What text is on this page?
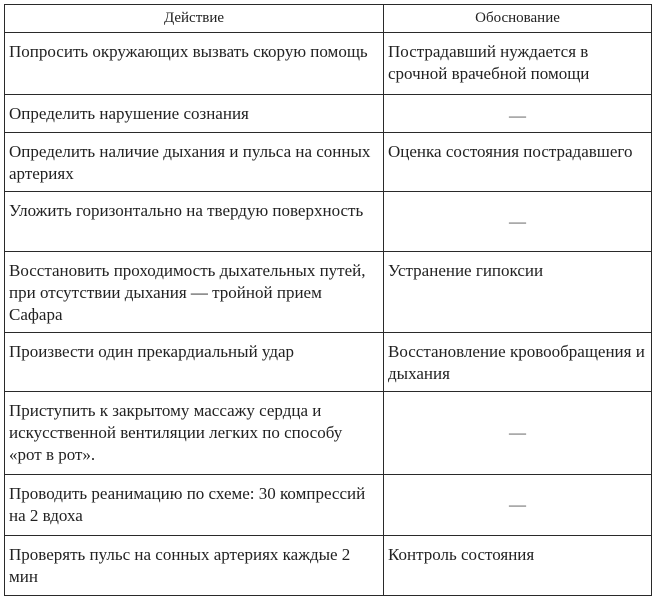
Действие	Обоснование

Попросить окружающих вызвать скорую помощь	Пострадавший нуждается в срочной врачебной помощи

Определить нарушение сознания	—

Определить наличие дыхания и пульса на сонных артериях	Оценка состояния пострадавшего

Уложить горизонтально на твердую поверхность	—

Восстановить проходимость дыхательных путей, при отсутствии дыхания — тройной прием Сафара	Устранение гипоксии

Произвести один прекардиальный удар	Восстановление кровообращения и дыхания

Приступить к закрытому массажу сердца и искусственной вентиляции легких по способу «рот в рот».	—

Проводить реанимацию по схеме: 30 компрессий на 2 вдоха	—

Проверять пульс на сонных артериях каждые 2 мин	Контроль состояния
